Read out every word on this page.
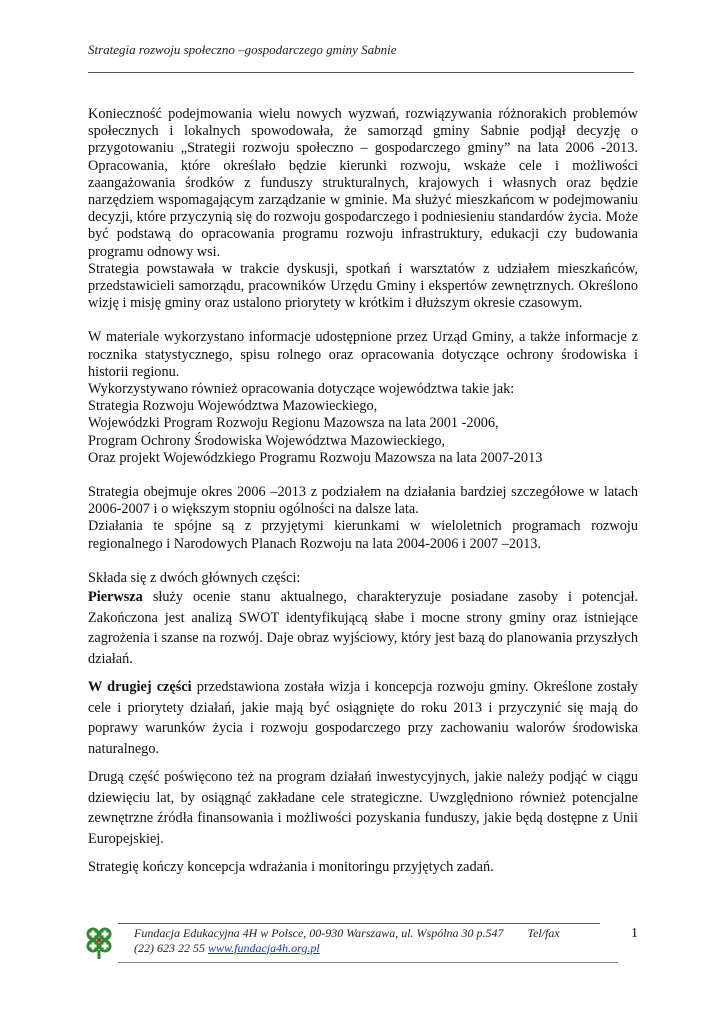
Strategia rozwoju społeczno –gospodarczego gminy Sabnie

Konieczność podejmowania wielu nowych wyzwań, rozwiązywania różnorakich problemów społecznych i lokalnych spowodowała, że samorząd gminy Sabnie podjął decyzję o przygotowaniu „Strategii rozwoju społeczno – gospodarczego gminy” na lata 2006 -2013. Opracowania, które określało będzie kierunki rozwoju, wskaże cele i możliwości zaangażowania środków z funduszy strukturalnych, krajowych i własnych oraz będzie narzędziem wspomagającym zarządzanie w gminie. Ma służyć mieszkańcom w podejmowaniu decyzji, które przyczynią się do rozwoju gospodarczego i podniesieniu standardów życia. Może być podstawą do opracowania programu rozwoju infrastruktury, edukacji czy budowania programu odnowy wsi.

Strategia powstawała w trakcie dyskusji, spotkań i warsztatów z udziałem mieszkańców, przedstawicieli samorządu, pracowników Urzędu Gminy i ekspertów zewnętrznych. Określono wizję i misję gminy oraz ustalono priorytety w krótkim i dłuższym okresie czasowym.

W materiale wykorzystano informacje udostępnione przez Urząd Gminy, a także informacje z rocznika statystycznego, spisu rolnego oraz opracowania dotyczące ochrony środowiska i historii regionu.

Wykorzystywano również opracowania dotyczące województwa takie jak:

Strategia Rozwoju Województwa Mazowieckiego,

Wojewódzki Program Rozwoju Regionu Mazowsza na lata 2001 -2006,

Program Ochrony Środowiska Województwa Mazowieckiego,

Oraz projekt Wojewódzkiego Programu Rozwoju Mazowsza na lata 2007-2013

Strategia obejmuje okres 2006 –2013 z podziałem na działania bardziej szczegółowe w latach 2006-2007 i o większym stopniu ogólności na dalsze lata.

Działania te spójne są z przyjętymi kierunkami w wieloletnich programach rozwoju regionalnego i Narodowych Planach Rozwoju na lata 2004-2006 i 2007 –2013.

Składa się z dwóch głównych części:

Pierwsza służy ocenie stanu aktualnego, charakteryzuje posiadane zasoby i potencjał. Zakończona jest analizą SWOT identyfikującą słabe i mocne strony gminy oraz istniejące zagrożenia i szanse na rozwój. Daje obraz wyjściowy, który jest bazą do planowania przyszłych działań.

W drugiej części przedstawiona została wizja i koncepcja rozwoju gminy. Określone zostały cele i priorytety działań, jakie mają być osiągnięte do roku 2013 i przyczynić się mają do poprawy warunków życia i rozwoju gospodarczego przy zachowaniu walorów środowiska naturalnego.

Drugą część poświęcono też na program działań inwestycyjnych, jakie należy podjąć w ciągu dziewięciu lat, by osiągnąć zakładane cele strategiczne. Uwzględniono również potencjalne zewnętrzne źródła finansowania i możliwości pozyskania funduszy, jakie będą dostępne z Unii Europejskiej.

Strategię kończy koncepcja wdrażania i monitoringu przyjętych zadań.

Fundacja Edukacyjna 4H w Polsce, 00-930 Warszawa, ul. Wspólna 30 p.547 Tel/fax
(22) 623 22 55 www.fundacja4h.org.pl
1
